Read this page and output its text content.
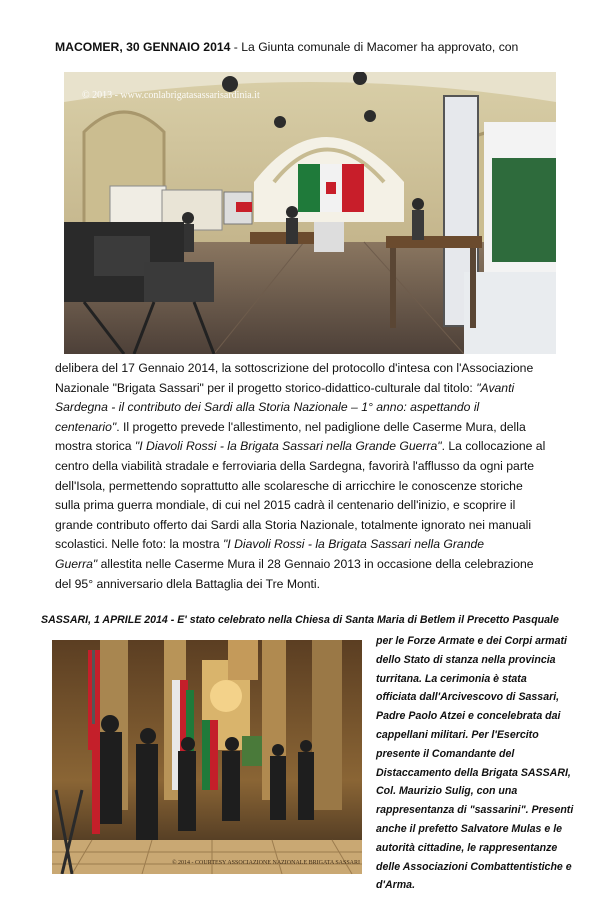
MACOMER, 30 GENNAIO 2014 - La Giunta comunale di Macomer ha approvato, con
© 2013 - www.conlabrigatasassarisardinia.it
delibera del 17 Gennaio 2014, la sottoscrizione del protocollo d'intesa con l'Associazione
Nazionale "Brigata Sassari" per il progetto storico-didattico-culturale dal titolo: "Avanti
Sardegna - il contributo dei Sardi alla Storia Nazionale – 1° anno: aspettando il
centenario". Il progetto prevede l'allestimento, nel padiglione delle Caserme Mura, della
mostra storica "I Diavoli Rossi - la Brigata Sassari nella Grande Guerra". La collocazione al
centro della viabilità stradale e ferroviaria della Sardegna, favorirà l'afflusso da ogni parte
dell'Isola, permettendo soprattutto alle scolaresche di arricchire le conoscenze storiche
sulla prima guerra mondiale, di cui nel 2015 cadrà il centenario dell'inizio, e scoprire il
grande contributo offerto dai Sardi alla Storia Nazionale, totalmente ignorato nei manuali
scolastici. Nelle foto: la mostra "I Diavoli Rossi - la Brigata Sassari nella Grande
Guerra" allestita nelle Caserme Mura il 28 Gennaio 2013 in occasione della celebrazione
del 95° anniversario dlela Battaglia dei Tre Monti.
SASSARI, 1 APRILE 2014 - E' stato celebrato nella Chiesa di Santa Maria di Betlem il Precetto Pasquale
© 2014 - COURTESY ASSOCIAZIONE NAZIONALE BRIGATA SASSARI
per le Forze Armate e dei Corpi armati
dello Stato di stanza nella provincia
turritana. La cerimonia è stata
officiata dall'Arcivescovo di Sassari,
Padre Paolo Atzei e concelebrata dai
cappellani militari. Per l'Esercito
presente il Comandante del
Distaccamento della Brigata SASSARI,
Col. Maurizio Sulig, con una
rappresentanza di "sassarini". Presenti
anche il prefetto Salvatore Mulas e le
autorità cittadine, le rappresentanze
delle Associazioni Combattentistiche e
d'Arma.
